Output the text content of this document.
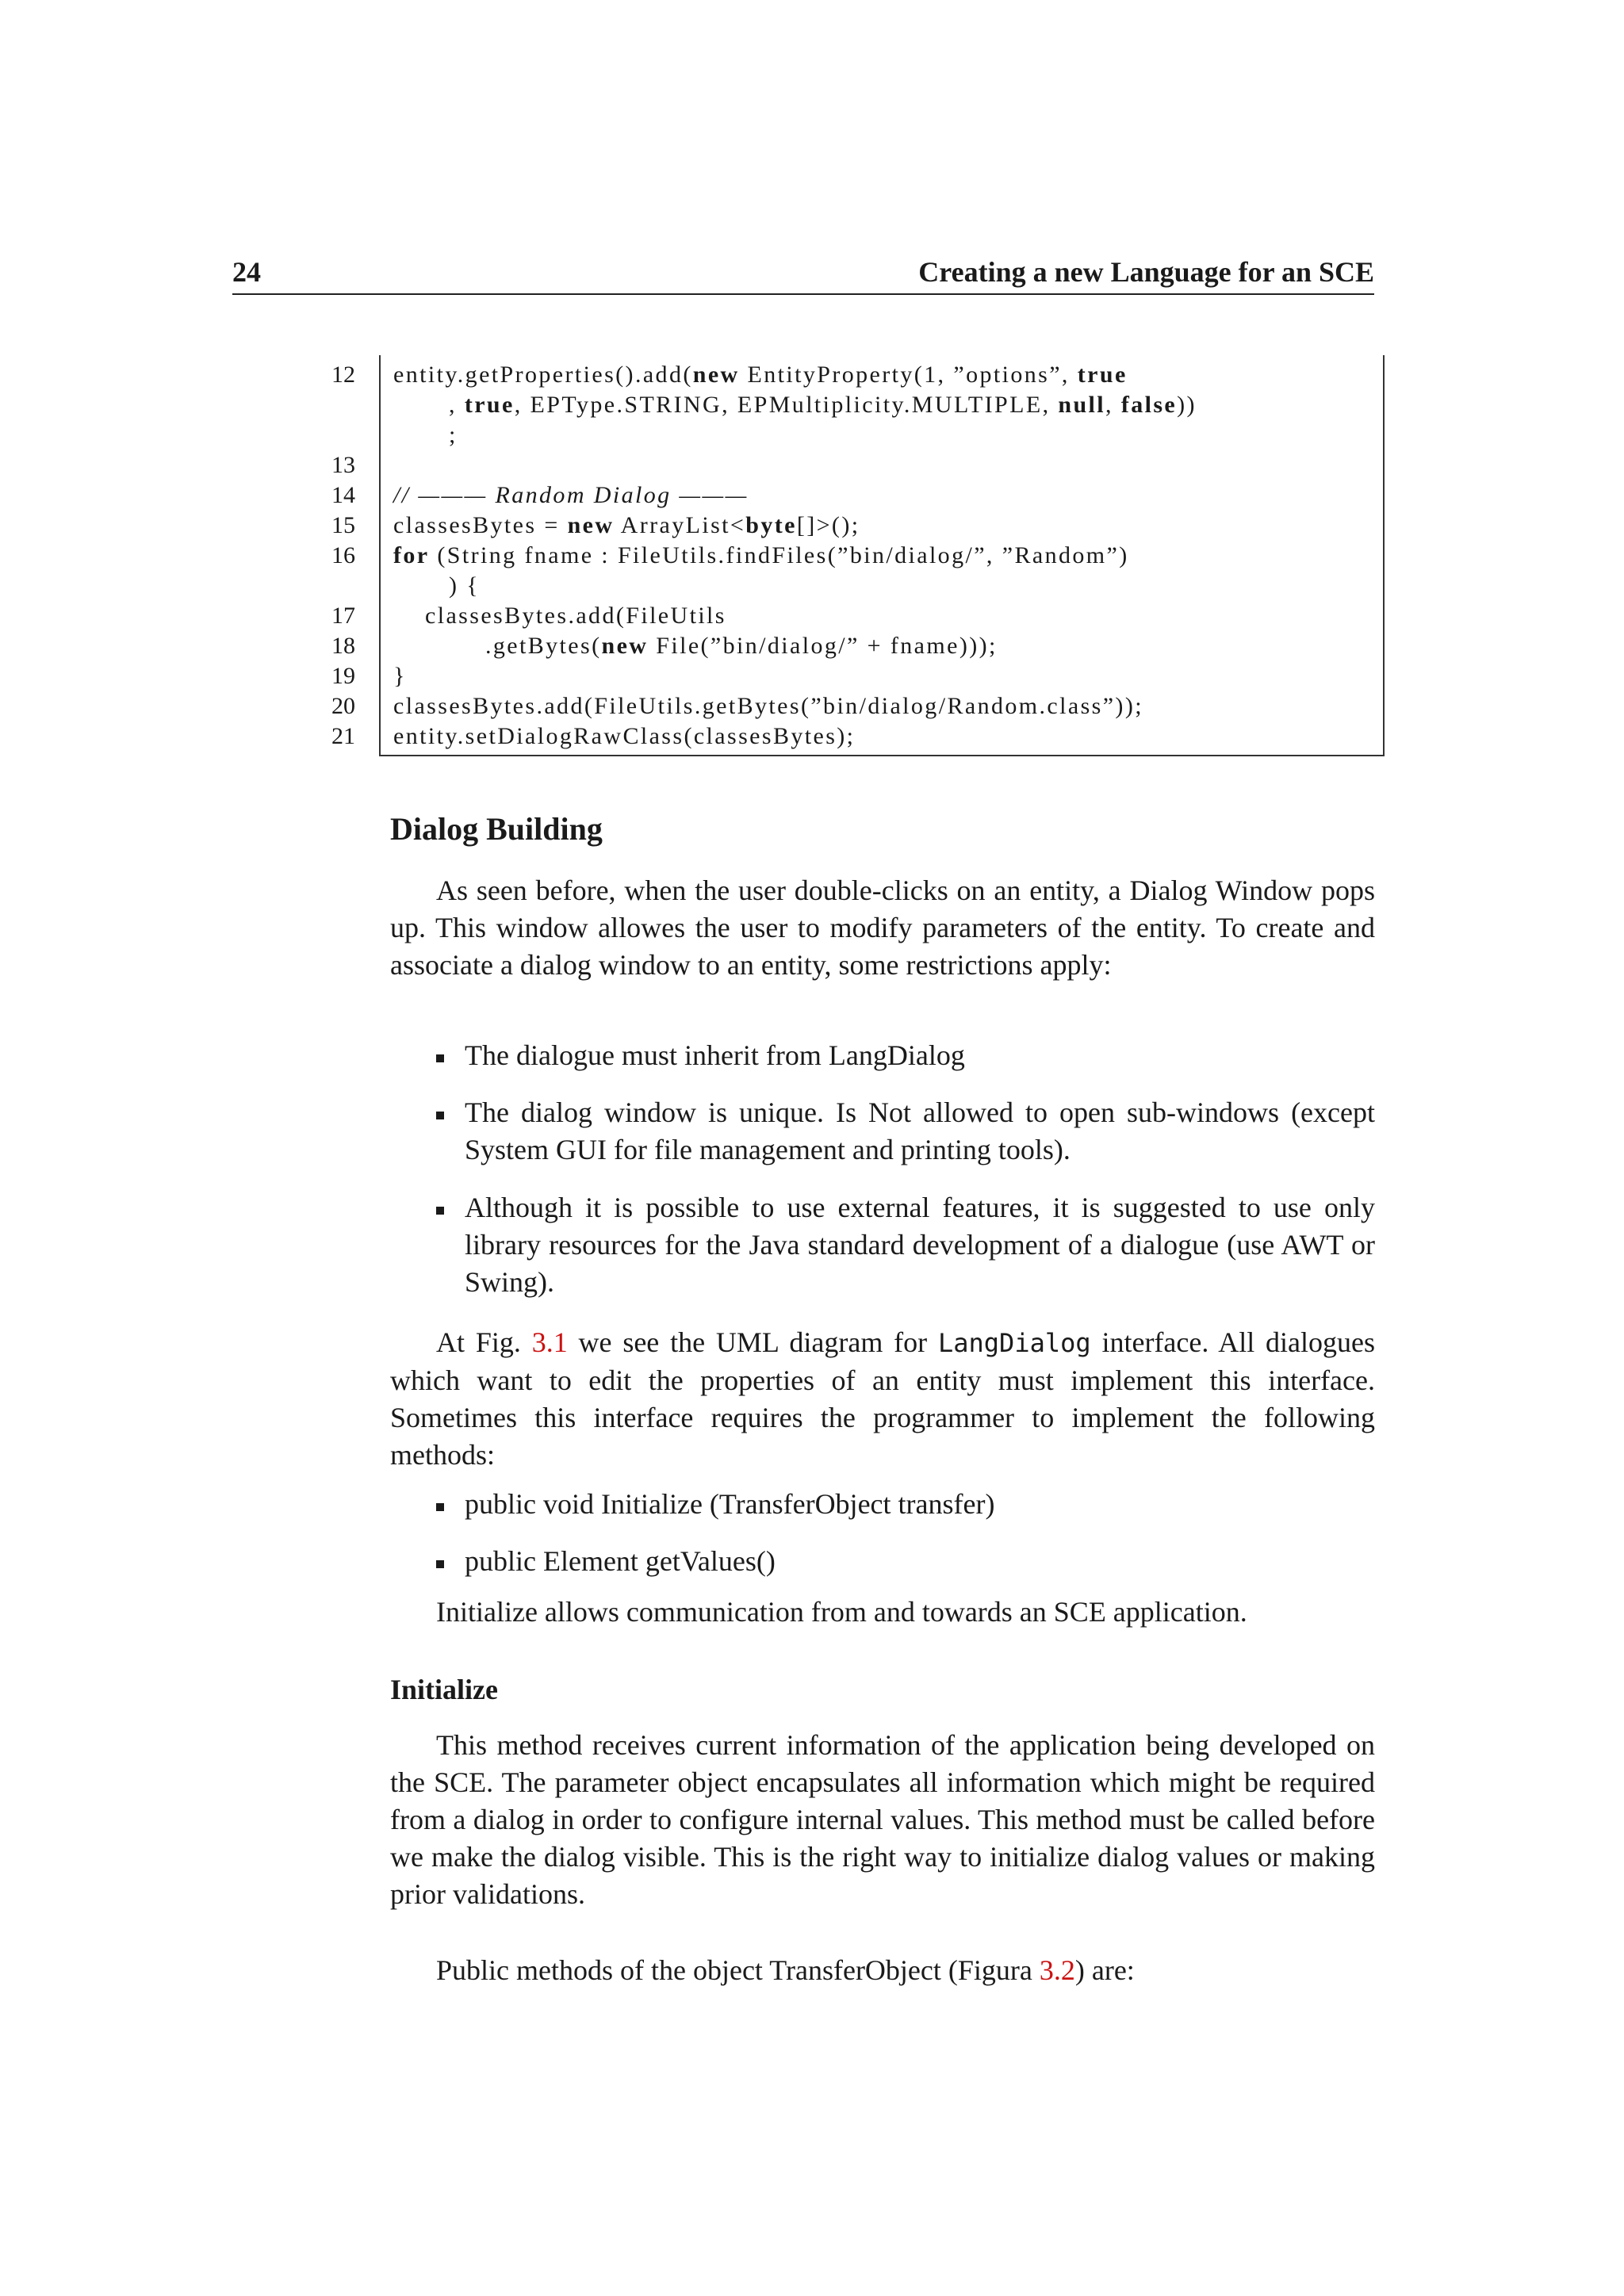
24	Creating a new Language for an SCE
12 entity.getProperties().add(new EntityProperty(1, ”options”, true
, true, EPType.STRING, EPMultiplicity.MULTIPLE, null, false))
;
13
14 // ——— Random Dialog ———
15 classesBytes = new ArrayList<byte[]>();
16 for (String fname : FileUtils.findFiles(”bin/dialog/”, ”Random”)
) {
17	classesBytes.add(FileUtils
18	.getBytes(new File(”bin/dialog/” + fname)));
19 }
20 classesBytes.add(FileUtils.getBytes(”bin/dialog/Random.class”));
21 entity.setDialogRawClass(classesBytes);
Dialog Building
As seen before, when the user double-clicks on an entity, a Dialog Window pops up. This window allowes the user to modify parameters of the entity. To create and associate a dialog window to an entity, some restrictions apply:
The dialogue must inherit from LangDialog
The dialog window is unique. Is Not allowed to open sub-windows (except System GUI for file management and printing tools).
Although it is possible to use external features, it is suggested to use only library resources for the Java standard development of a dialogue (use AWT or Swing).
At Fig. 3.1 we see the UML diagram for LangDialog interface. All dialogues which want to edit the properties of an entity must implement this interface. Sometimes this interface requires the programmer to implement the following methods:
public void Initialize (TransferObject transfer)
public Element getValues()
Initialize allows communication from and towards an SCE application.
Initialize
This method receives current information of the application being developed on the SCE. The parameter object encapsulates all information which might be required from a dialog in order to configure internal values. This method must be called before we make the dialog visible. This is the right way to initialize dialog values or making prior validations.
Public methods of the object TransferObject (Figura 3.2) are:
